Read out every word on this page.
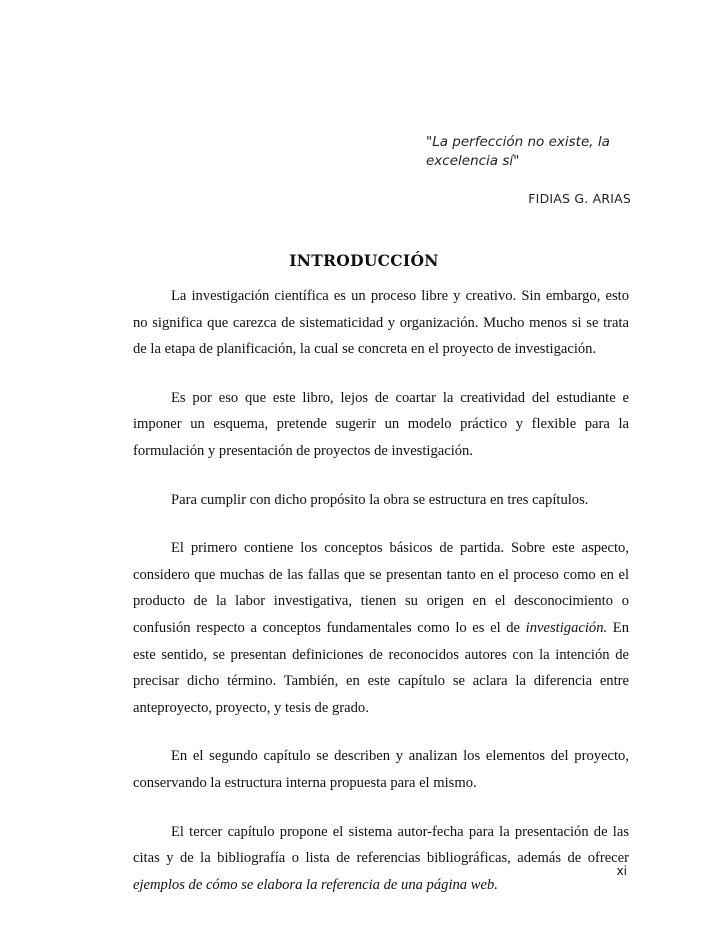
"La perfección no existe, la
excelencia sí"
FIDIAS G. ARIAS
INTRODUCCIÓN

La investigación científica es un proceso libre y creativo. Sin embargo, esto no significa que carezca de sistematicidad y organización. Mucho menos si se trata de la etapa de planificación, la cual se concreta en el proyecto de investigación.

Es por eso que este libro, lejos de coartar la creatividad del estudiante e imponer un esquema, pretende sugerir un modelo práctico y flexible para la formulación y presentación de proyectos de investigación.

Para cumplir con dicho propósito la obra se estructura en tres capítulos.

El primero contiene los conceptos básicos de partida. Sobre este aspecto, considero que muchas de las fallas que se presentan tanto en el proceso como en el producto de la labor investigativa, tienen su origen en el desconocimiento o confusión respecto a conceptos fundamentales como lo es el de investigación. En este sentido, se presentan definiciones de reconocidos autores con la intención de precisar dicho término. También, en este capítulo se aclara la diferencia entre anteproyecto, proyecto, y tesis de grado.

En el segundo capítulo se describen y analizan los elementos del proyecto, conservando la estructura interna propuesta para el mismo.

El tercer capítulo propone el sistema autor-fecha para la presentación de las citas y de la bibliografía o lista de referencias bibliográficas, además de ofrecer ejemplos de cómo se elabora la referencia de una página web.

xi
